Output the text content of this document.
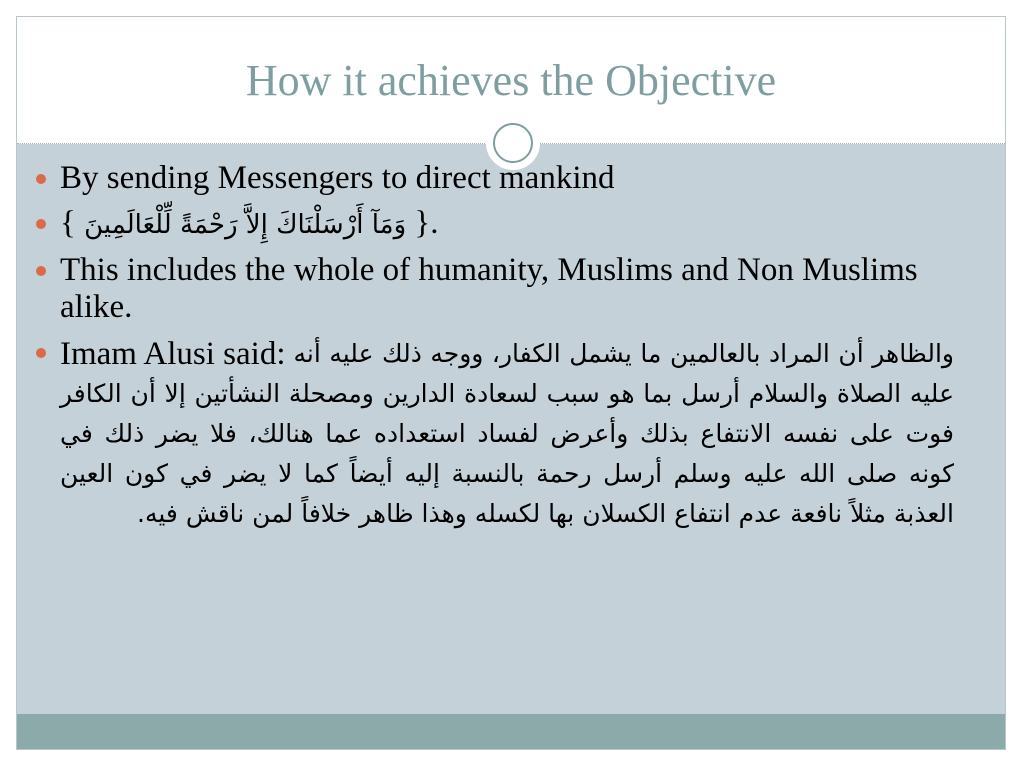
How it achieves the Objective
By sending Messengers to direct mankind
{ وَمَآ أَرْسَلْنَاكَ إِلاَّ رَحْمَةً لِّلْعَالَمِينَ }.
This includes the whole of humanity, Muslims and Non Muslims alike.
Imam Alusi said: والظاهر أن المراد بالعالمين ما يشمل الكفار، ووجه ذلك عليه أنه عليه الصلاة والسلام أرسل بما هو سبب لسعادة الدارين ومصحلة النشأتين إلا أن الكافر فوت على نفسه الانتفاع بذلك وأعرض لفساد استعداده عما هنالك، فلا يضر ذلك في كونه صلى الله عليه وسلم أرسل رحمة بالنسبة إليه أيضاً كما لا يضر في كون العين العذبة مثلاً نافعة عدم انتفاع الكسلان بها لكسله وهذا ظاهر خلافاً لمن ناقش فيه.
